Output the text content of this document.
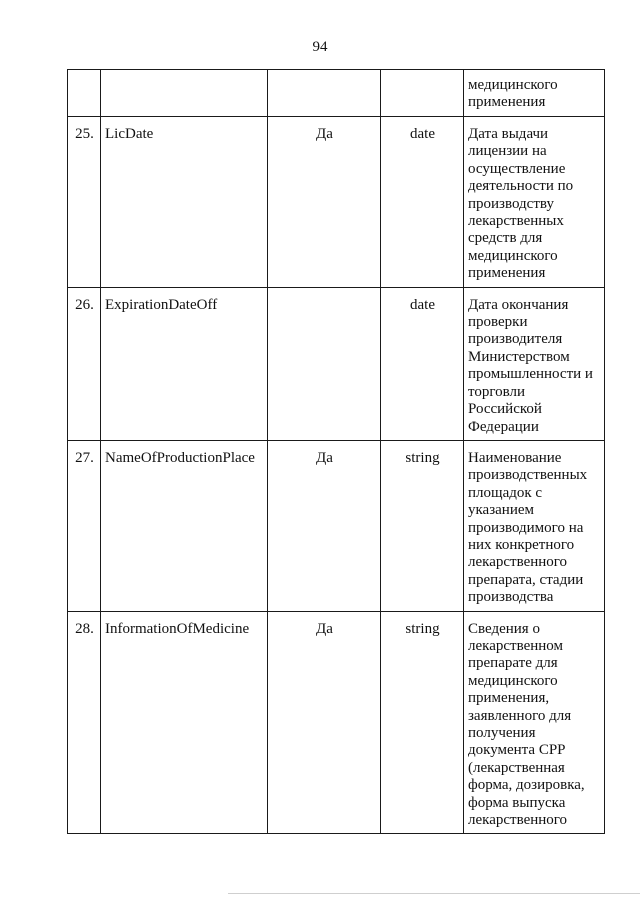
94
				медицинского применения
25.	LicDate	Да	date	Дата выдачи лицензии на осуществление деятельности по производству лекарственных средств для медицинского применения
26.	ExpirationDateOff		date	Дата окончания проверки производителя Министерством промышленности и торговли Российской Федерации
27.	NameOfProductionPlace	Да	string	Наименование производственных площадок с указанием производимого на них конкретного лекарственного препарата, стадии производства
28.	InformationOfMedicine	Да	string	Сведения о лекарственном препарате для медицинского применения, заявленного для получения документа СРР (лекарственная форма, дозировка, форма выпуска лекарственного
